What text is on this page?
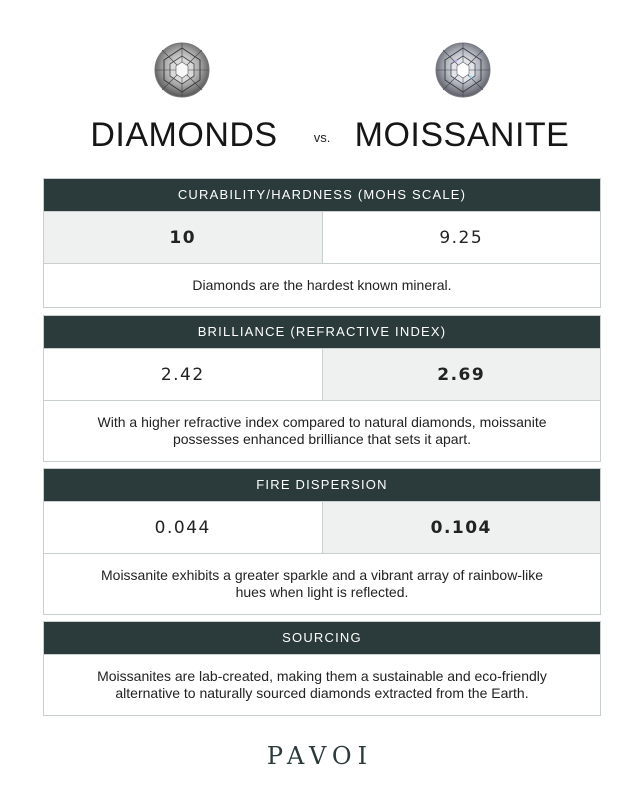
DIAMONDS	vs. MOISSANITE
CURABILITY/HARDNESS (MOHS SCALE)
10	9.25
Diamonds are the hardest known mineral.
BRILLIANCE (REFRACTIVE INDEX)
2.42	2.69
With a higher refractive index compared to natural diamonds, moissanite possesses enhanced brilliance that sets it apart.
FIRE DISPERSION
0.044	0.104
Moissanite exhibits a greater sparkle and a vibrant array of rainbow-like hues when light is reflected.
SOURCING
Moissanites are lab-created, making them a sustainable and eco-friendly alternative to naturally sourced diamonds extracted from the Earth.
PAVOI
